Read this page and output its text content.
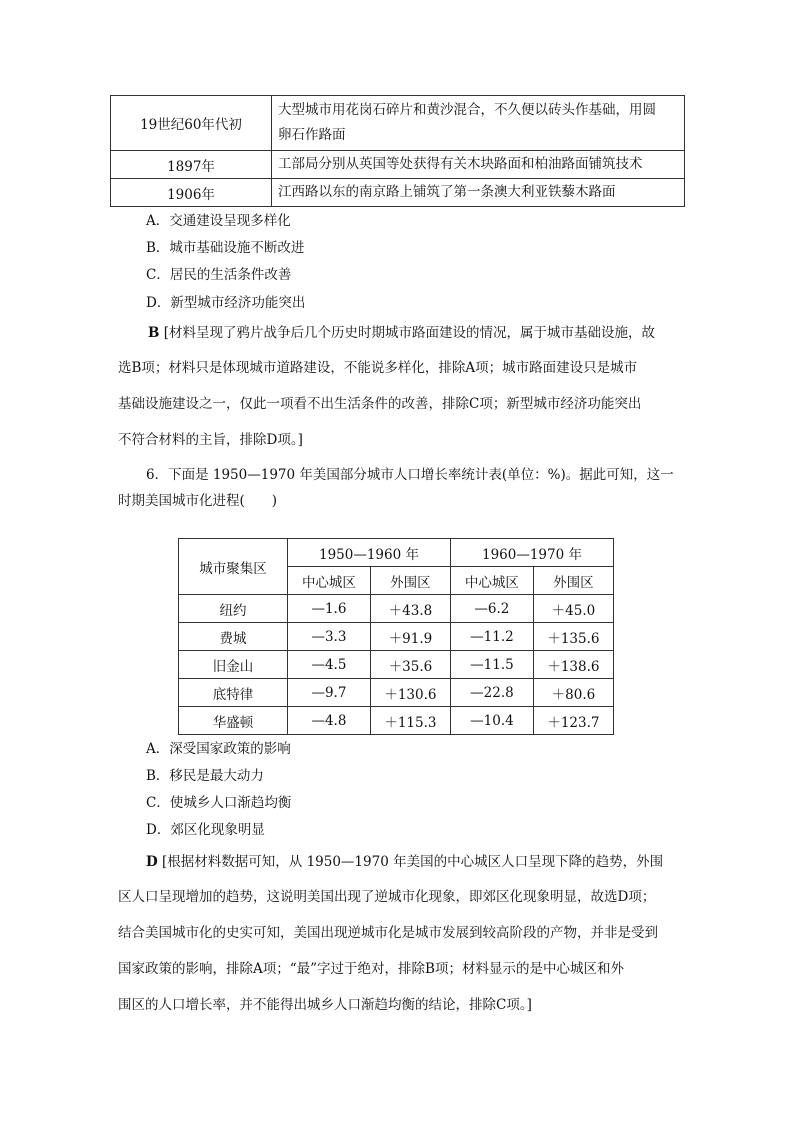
19世纪60年代初	大型城市用花岗石碎片和黄沙混合，不久便以砖头作基础，用圆
卵石作路面

1897年	工部局分别从英国等处获得有关木块路面和柏油路面铺筑技术
1906年	江西路以东的南京路上铺筑了第一条澳大利亚铁藜木路面
A．交通建设呈现多样化
B．城市基础设施不断改进
C．居民的生活条件改善
D．新型城市经济功能突出
B [材料呈现了鸦片战争后几个历史时期城市路面建设的情况，属于城市基础设施，故
选B项；材料只是体现城市道路建设，不能说多样化，排除A项；城市路面建设只是城市
基础设施建设之一，仅此一项看不出生活条件的改善，排除C项；新型城市经济功能突出
不符合材料的主旨，排除D项。]
6．下面是 1950—1970 年美国部分城市人口增长率统计表(单位：%)。据此可知，这一
时期美国城市化进程(　　)
城市聚集区	1950—1960 年		1960—1970 年	
	中心城区	外围区	中心城区	外围区
纽约	—1.6	＋43.8	—6.2	＋45.0
费城	—3.3	＋91.9	—11.2	＋135.6
旧金山	—4.5	＋35.6	—11.5	＋138.6
底特律	—9.7	＋130.6	—22.8	＋80.6
华盛顿	—4.8	＋115.3	—10.4	＋123.7
A．深受国家政策的影响
B．移民是最大动力
C．使城乡人口渐趋均衡
D．郊区化现象明显
D [根据材料数据可知，从 1950—1970 年美国的中心城区人口呈现下降的趋势，外围
区人口呈现增加的趋势，这说明美国出现了逆城市化现象，即郊区化现象明显，故选D项；
结合美国城市化的史实可知，美国出现逆城市化是城市发展到较高阶段的产物，并非是受到
国家政策的影响，排除A项；“最”字过于绝对，排除B项；材料显示的是中心城区和外
围区的人口增长率，并不能得出城乡人口渐趋均衡的结论，排除C项。]
